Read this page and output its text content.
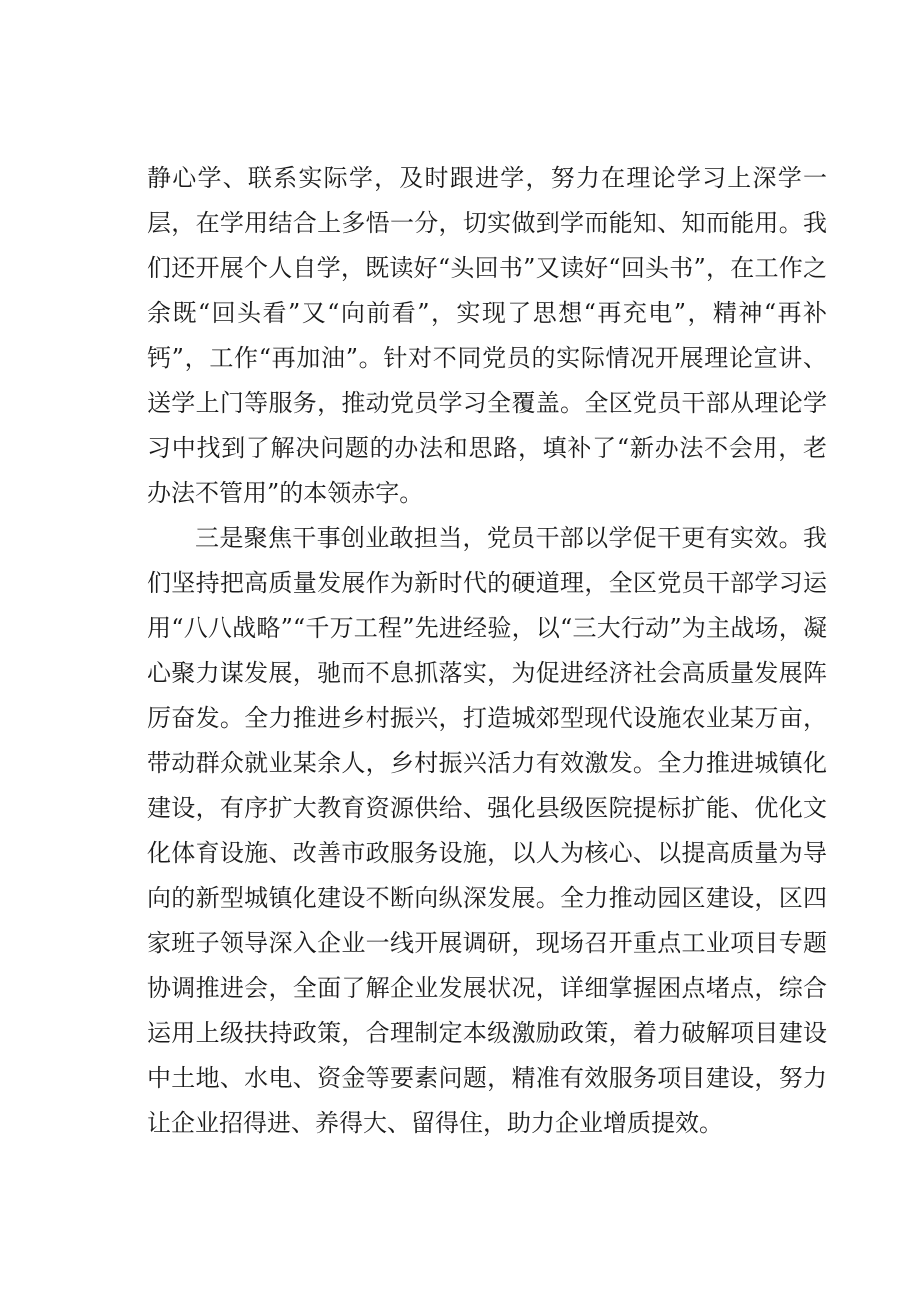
静心学、联系实际学，及时跟进学，努力在理论学习上深学一层，在学用结合上多悟一分，切实做到学而能知、知而能用。我们还开展个人自学，既读好“头回书”又读好“回头书”，在工作之余既“回头看”又“向前看”，实现了思想“再充电”，精神“再补钙”，工作“再加油”。针对不同党员的实际情况开展理论宣讲、送学上门等服务，推动党员学习全覆盖。全区党员干部从理论学习中找到了解决问题的办法和思路，填补了“新办法不会用，老办法不管用”的本领赤字。

三是聚焦干事创业敢担当，党员干部以学促干更有实效。我们坚持把高质量发展作为新时代的硬道理，全区党员干部学习运用“八八战略”“千万工程”先进经验，以“三大行动”为主战场，凝心聚力谋发展，驰而不息抓落实，为促进经济社会高质量发展阵厉奋发。全力推进乡村振兴，打造城郊型现代设施农业某万亩，带动群众就业某余人，乡村振兴活力有效激发。全力推进城镇化建设，有序扩大教育资源供给、强化县级医院提标扩能、优化文化体育设施、改善市政服务设施，以人为核心、以提高质量为导向的新型城镇化建设不断向纵深发展。全力推动园区建设，区四家班子领导深入企业一线开展调研，现场召开重点工业项目专题协调推进会，全面了解企业发展状况，详细掌握困点堵点，综合运用上级扶持政策，合理制定本级激励政策，着力破解项目建设中土地、水电、资金等要素问题，精准有效服务项目建设，努力让企业招得进、养得大、留得住，助力企业增质提效。
